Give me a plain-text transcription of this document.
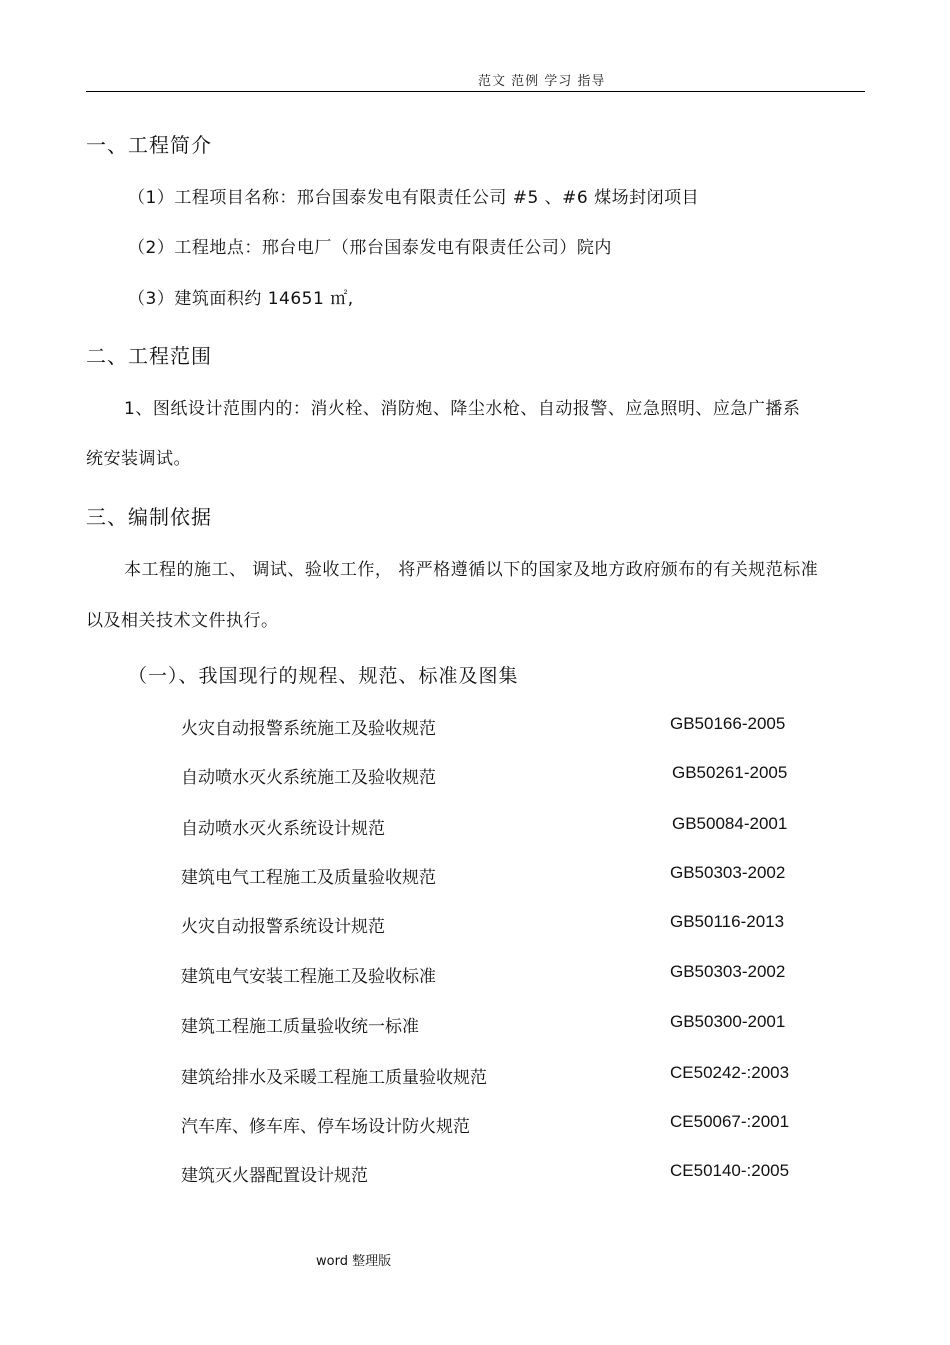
范文 范例 学习 指导
一、工程简介
（1）工程项目名称：邢台国泰发电有限责任公司 #5 、#6 煤场封闭项目
（2）工程地点：邢台电厂（邢台国泰发电有限责任公司）院内
（3）建筑面积约 14651 ㎡,
二、工程范围
1、图纸设计范围内的：消火栓、消防炮、降尘水枪、自动报警、应急照明、应急广播系
统安装调试。
三、编制依据
本工程的施工、 调试、验收工作， 将严格遵循以下的国家及地方政府颁布的有关规范标准
以及相关技术文件执行。
（一）、我国现行的规程、规范、标准及图集
火灾自动报警系统施工及验收规范	GB50166-2005
自动喷水灭火系统施工及验收规范	GB50261-2005
自动喷水灭火系统设计规范	GB50084-2001
建筑电气工程施工及质量验收规范	GB50303-2002
火灾自动报警系统设计规范	GB50116-2013
建筑电气安装工程施工及验收标准	GB50303-2002
建筑工程施工质量验收统一标准	GB50300-2001
建筑给排水及采暖工程施工质量验收规范	CE50242-:2003
汽车库、修车库、停车场设计防火规范	CE50067-:2001
建筑灭火器配置设计规范	CE50140-:2005
word 整理版
